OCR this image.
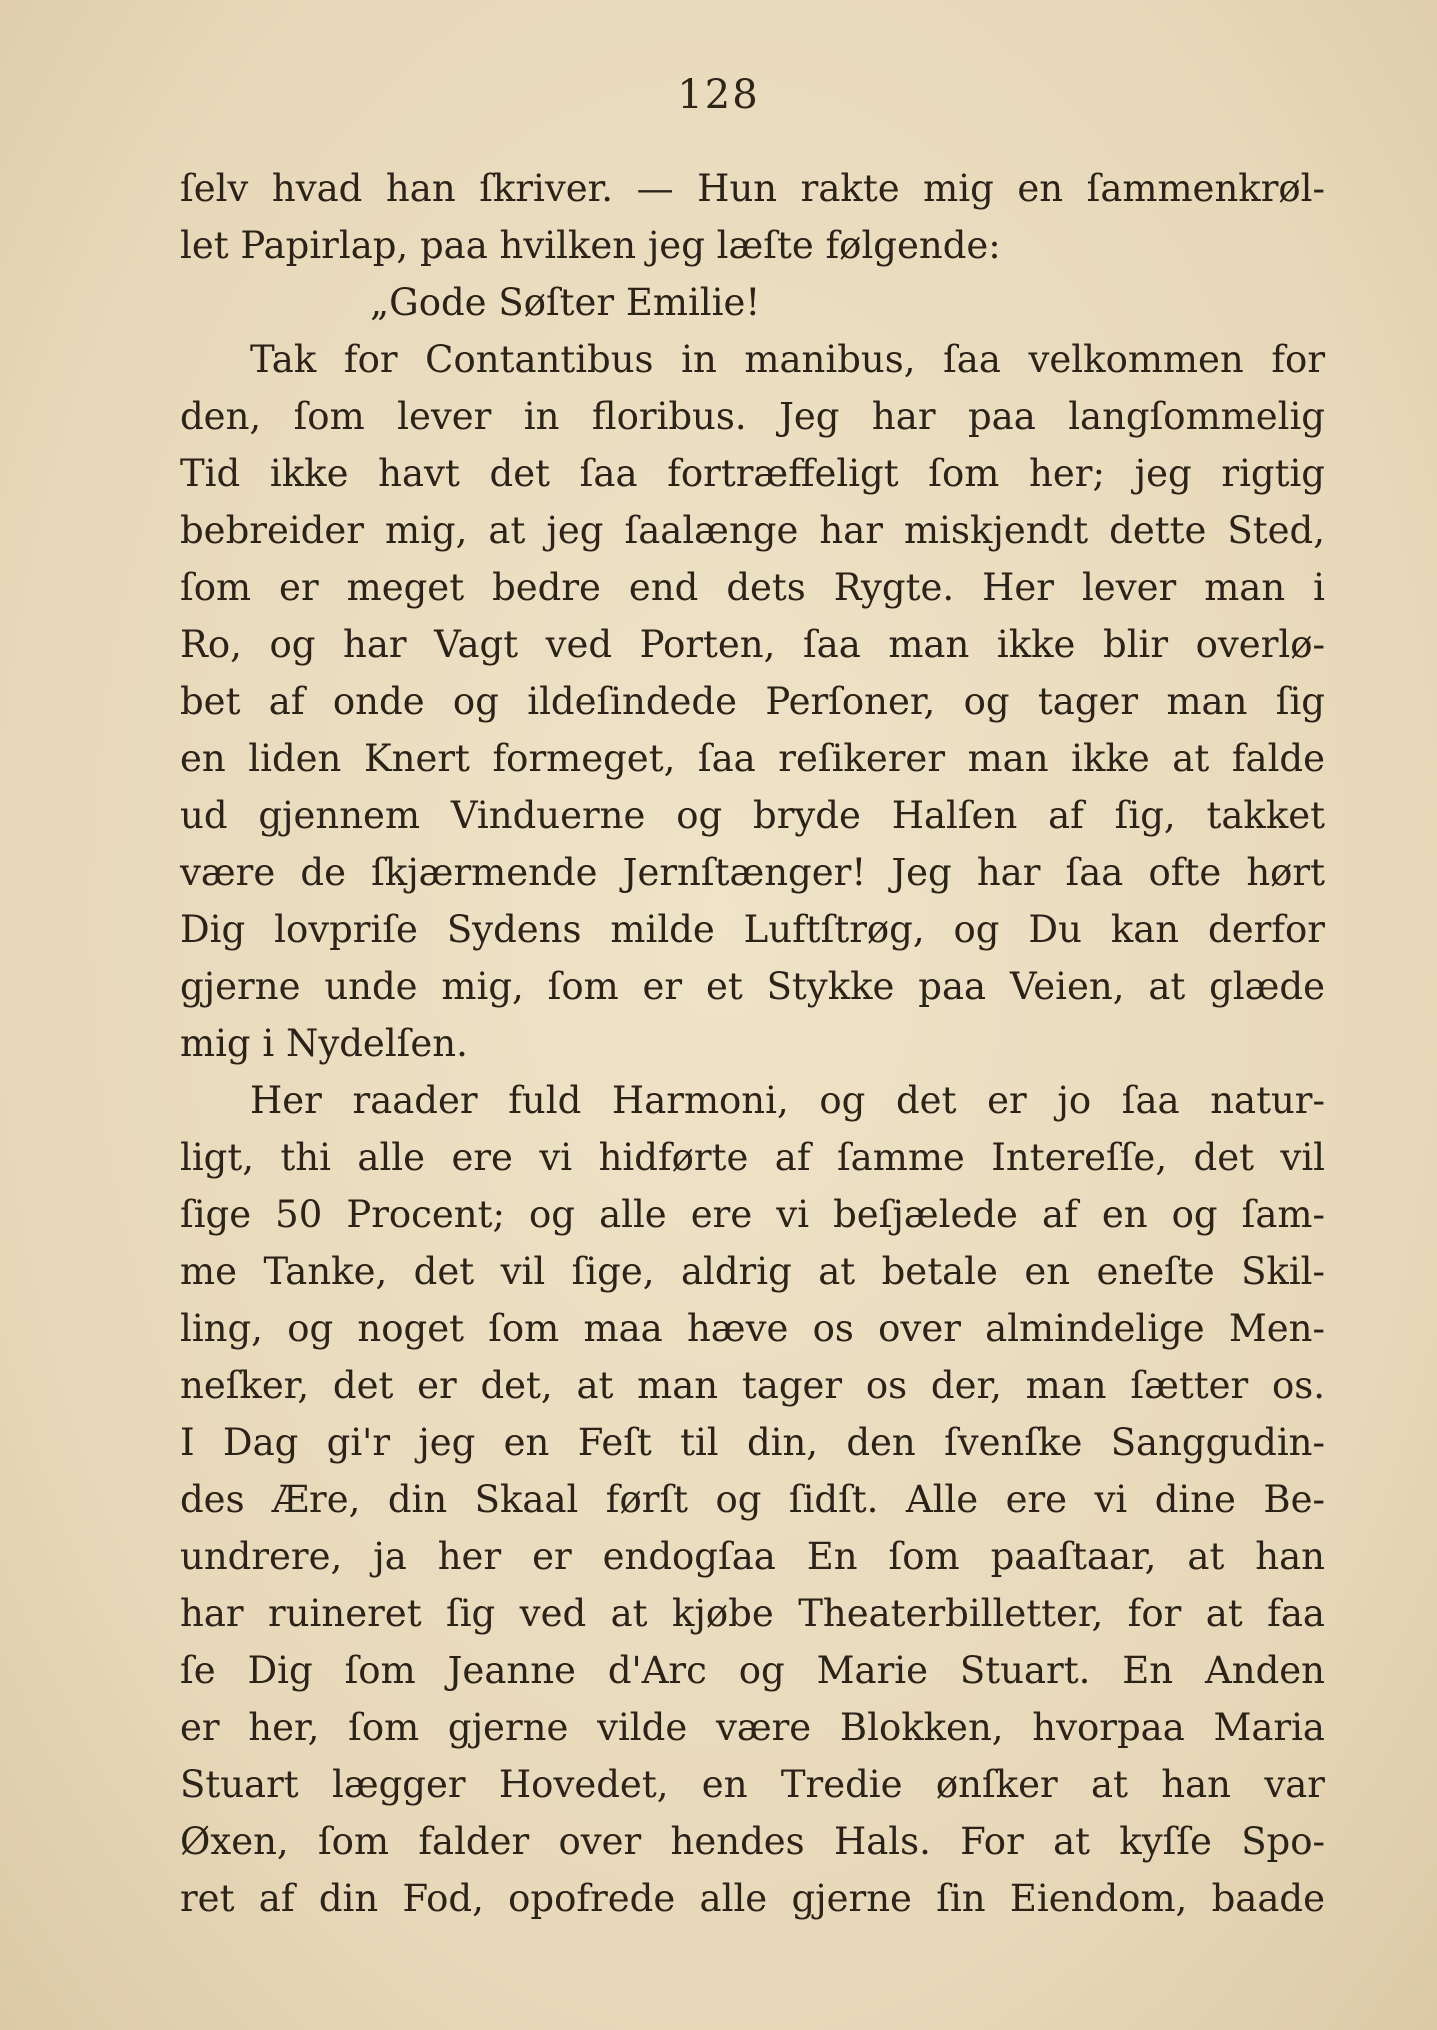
128
ſelv hvad han ſkriver. — Hun rakte mig en ſammenkrøl-
let Papirlap, paa hvilken jeg læſte følgende:
„Gode Søſter Emilie!
Tak for Contantibus in manibus, ſaa velkommen for
den, ſom lever in floribus. Jeg har paa langſommelig
Tid ikke havt det ſaa fortræffeligt ſom her; jeg rigtig
bebreider mig, at jeg ſaalænge har miskjendt dette Sted,
ſom er meget bedre end dets Rygte. Her lever man i
Ro, og har Vagt ved Porten, ſaa man ikke blir overlø-
bet af onde og ildeſindede Perſoner, og tager man ſig
en liden Knert formeget, ſaa reſikerer man ikke at falde
ud gjennem Vinduerne og bryde Halſen af ſig, takket
være de ſkjærmende Jernſtænger! Jeg har ſaa ofte hørt
Dig lovpriſe Sydens milde Luftſtrøg, og Du kan derfor
gjerne unde mig, ſom er et Stykke paa Veien, at glæde
mig i Nydelſen.
Her raader fuld Harmoni, og det er jo ſaa natur-
ligt, thi alle ere vi hidførte af ſamme Intereſſe, det vil
ſige 50 Procent; og alle ere vi beſjælede af en og ſam-
me Tanke, det vil ſige, aldrig at betale en eneſte Skil-
ling, og noget ſom maa hæve os over almindelige Men-
neſker, det er det, at man tager os der, man ſætter os.
I Dag gi'r jeg en Feſt til din, den ſvenſke Sanggudin-
des Ære, din Skaal førſt og ſidſt. Alle ere vi dine Be-
undrere, ja her er endogſaa En ſom paaſtaar, at han
har ruineret ſig ved at kjøbe Theaterbilletter, for at faa
ſe Dig ſom Jeanne d'Arc og Marie Stuart. En Anden
er her, ſom gjerne vilde være Blokken, hvorpaa Maria
Stuart lægger Hovedet, en Tredie ønſker at han var
Øxen, ſom falder over hendes Hals. For at kyſſe Spo-
ret af din Fod, opofrede alle gjerne ſin Eiendom, baade
